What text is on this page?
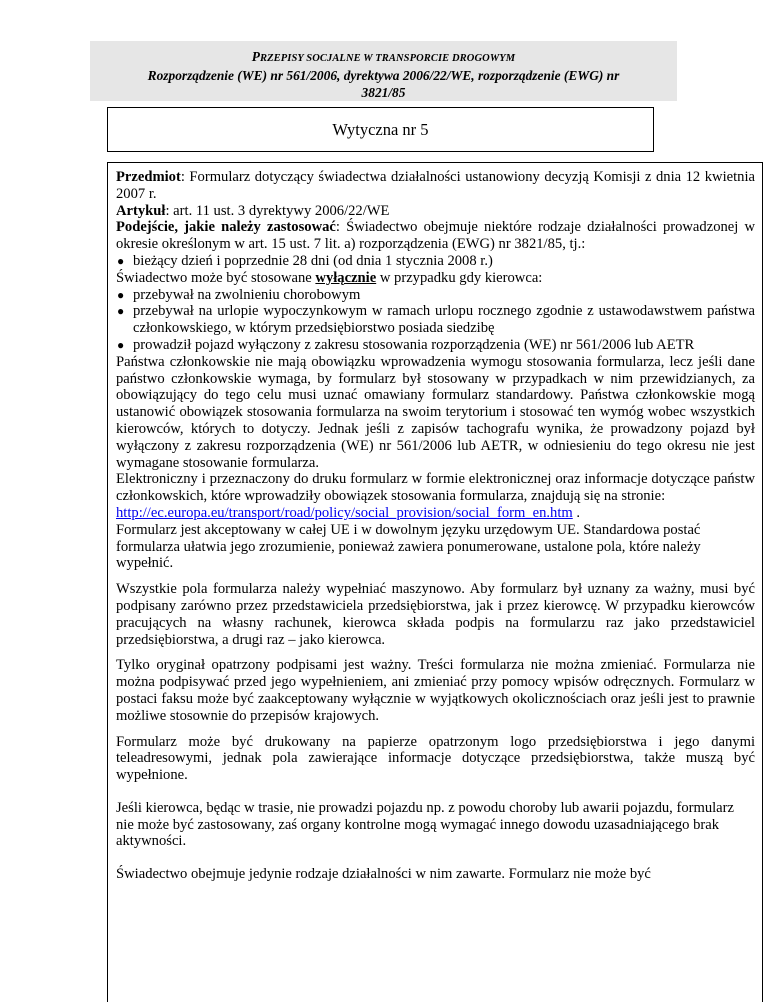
PRZEPISY SOCJALNE W TRANSPORCIE DROGOWYM
Rozporządzenie (WE) nr 561/2006, dyrektywa 2006/22/WE, rozporządzenie (EWG) nr
3821/85
Wytyczna nr 5

Przedmiot: Formularz dotyczący świadectwa działalności ustanowiony decyzją Komisji z dnia 12 kwietnia 2007 r.

Artykuł: art. 11 ust. 3 dyrektywy 2006/22/WE

Podejście, jakie należy zastosować: Świadectwo obejmuje niektóre rodzaje działalności prowadzonej w okresie określonym w art. 15 ust. 7 lit. a) rozporządzenia (EWG) nr 3821/85, tj.:

● bieżący dzień i poprzednie 28 dni (od dnia 1 stycznia 2008 r.)

Świadectwo może być stosowane wyłącznie w przypadku gdy kierowca:

● przebywał na zwolnieniu chorobowym

● przebywał na urlopie wypoczynkowym w ramach urlopu rocznego zgodnie z ustawodawstwem państwa członkowskiego, w którym przedsiębiorstwo posiada siedzibę

● prowadził pojazd wyłączony z zakresu stosowania rozporządzenia (WE) nr 561/2006 lub AETR

Państwa członkowskie nie mają obowiązku wprowadzenia wymogu stosowania formularza, lecz jeśli dane państwo członkowskie wymaga, by formularz był stosowany w przypadkach w nim przewidzianych, za obowiązujący do tego celu musi uznać omawiany formularz standardowy. Państwa członkowskie mogą ustanowić obowiązek stosowania formularza na swoim terytorium i stosować ten wymóg wobec wszystkich kierowców, których to dotyczy. Jednak jeśli z zapisów tachografu wynika, że prowadzony pojazd był wyłączony z zakresu rozporządzenia (WE) nr 561/2006 lub AETR, w odniesieniu do tego okresu nie jest wymagane stosowanie formularza.

Elektroniczny i przeznaczony do druku formularz w formie elektronicznej oraz informacje dotyczące państw członkowskich, które wprowadziły obowiązek stosowania formularza, znajdują się na stronie:

http://ec.europa.eu/transport/road/policy/social_provision/social_form_en.htm .

Formularz jest akceptowany w całej UE i w dowolnym języku urzędowym UE. Standardowa postać formularza ułatwia jego zrozumienie, ponieważ zawiera ponumerowane, ustalone pola, które należy wypełnić.

Wszystkie pola formularza należy wypełniać maszynowo. Aby formularz był uznany za ważny, musi być podpisany zarówno przez przedstawiciela przedsiębiorstwa, jak i przez kierowcę. W przypadku kierowców pracujących na własny rachunek, kierowca składa podpis na formularzu raz jako przedstawiciel przedsiębiorstwa, a drugi raz – jako kierowca.

Tylko oryginał opatrzony podpisami jest ważny. Treści formularza nie można zmieniać. Formularza nie można podpisywać przed jego wypełnieniem, ani zmieniać przy pomocy wpisów odręcznych. Formularz w postaci faksu może być zaakceptowany wyłącznie w wyjątkowych okolicznościach oraz jeśli jest to prawnie możliwe stosownie do przepisów krajowych.

Formularz może być drukowany na papierze opatrzonym logo przedsiębiorstwa i jego danymi teleadresowymi, jednak pola zawierające informacje dotyczące przedsiębiorstwa, także muszą być wypełnione.

Jeśli kierowca, będąc w trasie, nie prowadzi pojazdu np. z powodu choroby lub awarii pojazdu, formularz nie może być zastosowany, zaś organy kontrolne mogą wymagać innego dowodu uzasadniającego brak aktywności.

Świadectwo obejmuje jedynie rodzaje działalności w nim zawarte. Formularz nie może być
